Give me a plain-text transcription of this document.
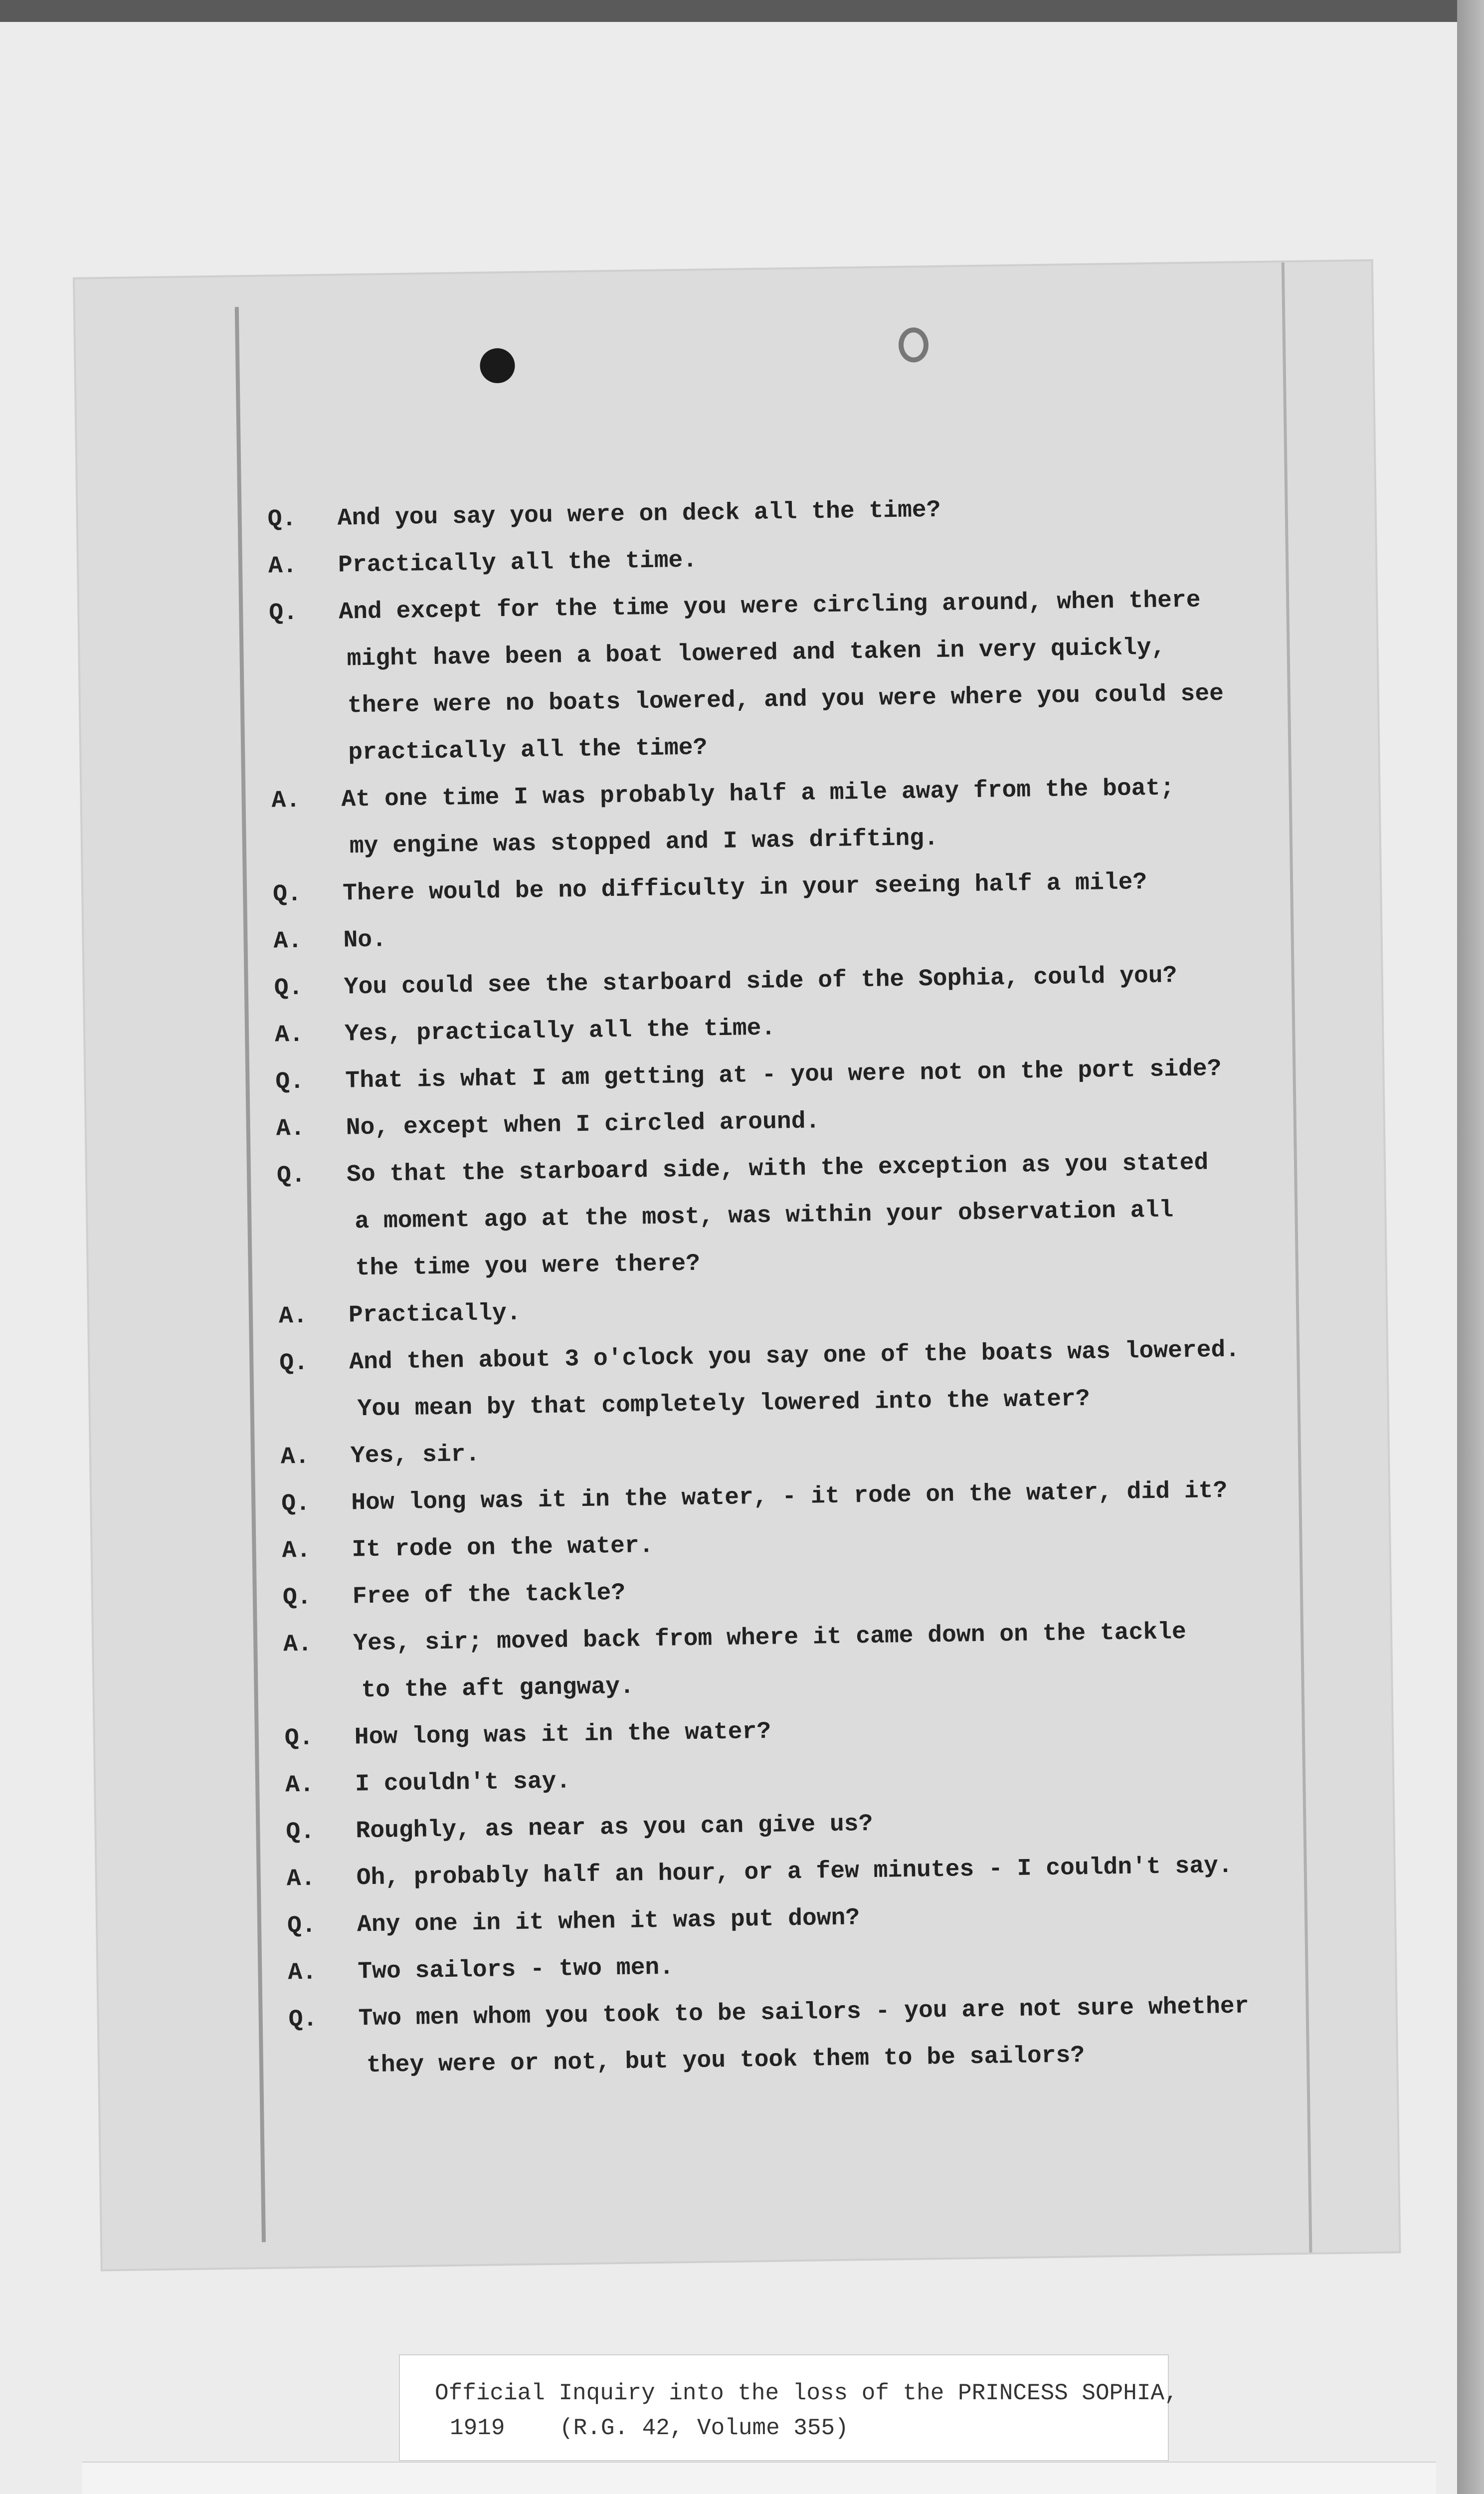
Q.	And you say you were on deck all the time?
A.	Practically all the time.
Q.	And except for the time you were circling around, when there
might have been a boat lowered and taken in very quickly,
there were no boats lowered, and you were where you could see
practically all the time?
A.	At one time I was probably half a mile away from the boat;
my engine was stopped and I was drifting.
Q.	There would be no difficulty in your seeing half a mile?
A.	No.
Q.	You could see the starboard side of the Sophia, could you?
A.	Yes, practically all the time.
Q.	That is what I am getting at - you were not on the port side?
A.	No, except when I circled around.
Q.	So that the starboard side, with the exception as you stated
a moment ago at the most, was within your observation all
the time you were there?
A.	Practically.
Q.	And then about 3 o'clock you say one of the boats was lowered.
You mean by that completely lowered into the water?
A.	Yes, sir.
Q.	How long was it in the water, - it rode on the water, did it?
A.	It rode on the water.
Q.	Free of the tackle?
A.	Yes, sir; moved back from where it came down on the tackle
to the aft gangway.
Q.	How long was it in the water?
A.	I couldn't say.
Q.	Roughly, as near as you can give us?
A.	Oh, probably half an hour, or a few minutes - I couldn't say.
Q.	Any one in it when it was put down?
A.	Two sailors - two men.
Q.	Two men whom you took to be sailors - you are not sure whether
they were or not, but you took them to be sailors?
Official Inquiry into the loss of the PRINCESS SOPHIA,
1919 (R.G. 42, Volume 355)
